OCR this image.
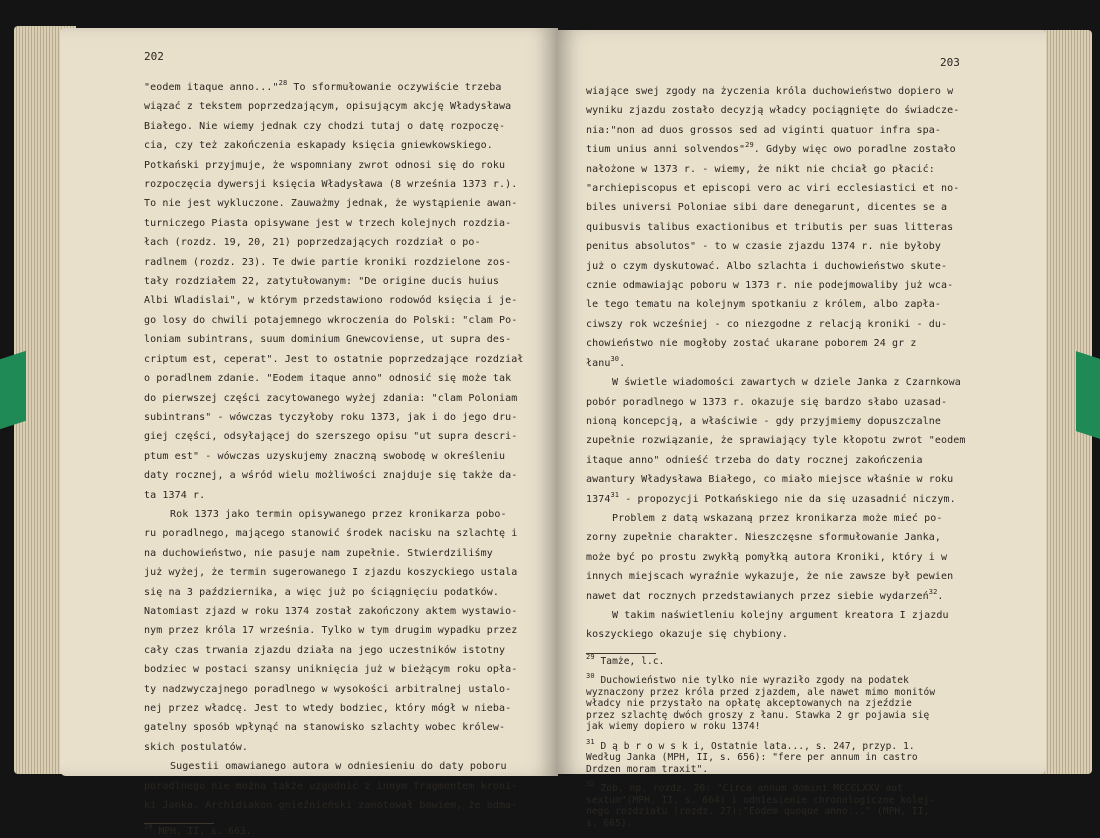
202
"eodem itaque anno..."$^{28}$ To sformułowanie oczywiście trzeba
wiązać z tekstem poprzedzającym, opisującym akcję Władysława
Białego. Nie wiemy jednak czy chodzi tutaj o datę rozpoczę-
cia, czy też zakończenia eskapady księcia gniewkowskiego.
Potkański przyjmuje, że wspomniany zwrot odnosi się do roku
rozpoczęcia dywersji księcia Władysława (8 września 1373 r.).
To nie jest wykluczone. Zauważmy jednak, że wystąpienie awan-
turniczego Piasta opisywane jest w trzech kolejnych rozdzia-
łach (rozdz. 19, 20, 21) poprzedzających rozdział o po-
radlnem (rozdz. 23). Te dwie partie kroniki rozdzielone zos-
tały rozdziałem 22, zatytułowanym: "De origine ducis huius
Albi Wladislai", w którym przedstawiono rodowód księcia i je-
go losy do chwili potajemnego wkroczenia do Polski: "clam Po-
loniam subintrans, suum dominium Gnewcoviense, ut supra des-
criptum est, ceperat". Jest to ostatnie poprzedzające rozdział
o poradlnem zdanie. "Eodem itaque anno" odnosić się może tak
do pierwszej części zacytowanego wyżej zdania: "clam Poloniam
subintrans" - wówczas tyczyłoby roku 1373, jak i do jego dru-
giej części, odsyłającej do szerszego opisu "ut supra descri-
ptum est" - wówczas uzyskujemy znaczną swobodę w określeniu
daty rocznej, a wśród wielu możliwości znajduje się także da-
ta 1374 r.
Rok 1373 jako termin opisywanego przez kronikarza pobo-
ru poradlnego, mającego stanowić środek nacisku na szlachtę i
na duchowieństwo, nie pasuje nam zupełnie. Stwierdziliśmy
już wyżej, że termin sugerowanego I zjazdu koszyckiego ustala
się na 3 października, a więc już po ściągnięciu podatków.
Natomiast zjazd w roku 1374 został zakończony aktem wystawio-
nym przez króla 17 września. Tylko w tym drugim wypadku przez
cały czas trwania zjazdu działa na jego uczestników istotny
bodziec w postaci szansy uniknięcia już w bieżącym roku opła-
ty nadzwyczajnego poradlnego w wysokości arbitralnej ustalo-
nej przez władcę. Jest to wtedy bodziec, który mógł w nieba-
gatelny sposób wpłynąć na stanowisko szlachty wobec królew-
skich postulatów.
Sugestii omawianego autora w odniesieniu do daty poboru
poradlnego nie można także uzgodnić z innym fragmentem kroni-
ki Janka. Archidiakon gnieźnieński zanotował bowiem, że odma-
$^{28}$ MPH, II, s. 663.
203
wiające swej zgody na życzenia króla duchowieństwo dopiero w
wyniku zjazdu zostało decyzją władcy pociągnięte do świadcze-
nia:"non ad duos grossos sed ad viginti quatuor infra spa-
tium unius anni solvendos"$^{29}$. Gdyby więc owo poradlne zostało
nałożone w 1373 r. - wiemy, że nikt nie chciał go płacić:
"archiepiscopus et episcopi vero ac viri ecclesiastici et no-
biles universi Poloniae sibi dare denegarunt, dicentes se a
quibusvis talibus exactionibus et tributis per suas litteras
penitus absolutos" - to w czasie zjazdu 1374 r. nie byłoby
już o czym dyskutować. Albo szlachta i duchowieństwo skute-
cznie odmawiając poboru w 1373 r. nie podejmowaliby już wca-
le tego tematu na kolejnym spotkaniu z królem, albo zapła-
ciwszy rok wcześniej - co niezgodne z relacją kroniki - du-
chowieństwo nie mogłoby zostać ukarane poborem 24 gr z
łanu$^{30}$.
W świetle wiadomości zawartych w dziele Janka z Czarnkowa
pobór poradlnego w 1373 r. okazuje się bardzo słabo uzasad-
nioną koncepcją, a właściwie - gdy przyjmiemy dopuszczalne
zupełnie rozwiązanie, że sprawiający tyle kłopotu zwrot "eodem
itaque anno" odnieść trzeba do daty rocznej zakończenia
awantury Władysława Białego, co miało miejsce właśnie w roku
1374$^{31}$ - propozycji Potkańskiego nie da się uzasadnić niczym.
Problem z datą wskazaną przez kronikarza może mieć po-
zorny zupełnie charakter. Nieszczęsne sformułowanie Janka,
może być po prostu zwykłą pomyłką autora Kroniki, który i w
innych miejscach wyraźnie wykazuje, że nie zawsze był pewien
nawet dat rocznych przedstawianych przez siebie wydarzeń$^{32}$.
W takim naświetleniu kolejny argument kreatora I zjazdu
koszyckiego okazuje się chybiony.
$^{29}$ Tamże, l.c.
$^{30}$ Duchowieństwo nie tylko nie wyraziło zgody na podatek
wyznaczony przez króla przed zjazdem, ale nawet mimo monitów
władcy nie przystało na opłatę akceptowanych na zjeździe
przez szlachtę dwóch groszy z łanu. Stawka 2 gr pojawia się
jak wiemy dopiero w roku 1374!
$^{31}$ D ą b r o w s k i, Ostatnie lata..., s. 247, przyp. 1.
Według Janka (MPH, II, s. 656): "fere per annum in castro
Drdzen moram traxit".
$^{32}$ Zob. np. rozdz. 26: "Circa annum domini MCCCLXXV aut
sextum"(MPH, II, s. 664) i odniesienie chronologiczne kolej-
nego rozdziału (rozdz. 27):"Eodem quoque anno..." (MPH, II,
s. 665).
